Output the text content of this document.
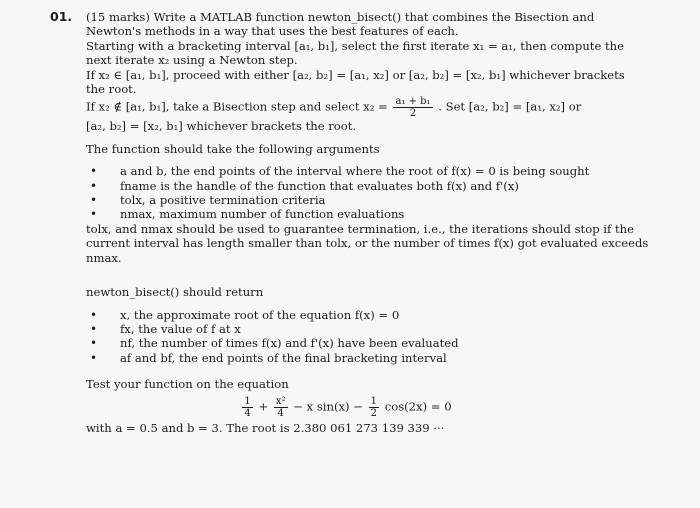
01. (15 marks) Write a MATLAB function newton_bisect() that combines the Bisection and
Newton's methods in a way that uses the best features of each.
Starting with a bracketing interval [a₁, b₁], select the first iterate x₁ = a₁, then compute the
next iterate x₂ using a Newton step.
If x₂ ∈ [a₁, b₁], proceed with either [a₂, b₂] = [a₁, x₂] or [a₂, b₂] = [x₂, b₁] whichever brackets
the root.
If x₂ ∉ [a₁, b₁], take a Bisection step and select $x_2 = \frac{\text{a₁ + b₁}}{2}$ . Set [a₂, b₂] = [a₁, x₂] or
[a₂, b₂] = [x₂, b₁] whichever brackets the root.
The function should take the following arguments
• a and b, the end points of the interval where the root of f(x) = 0 is being sought
• fname is the handle of the function that evaluates both f(x) and f'(x)
• tolx, a positive termination criteria
• nmax, maximum number of function evaluations
tolx, and nmax should be used to guarantee termination, i.e., the iterations should stop if the
current interval has length smaller than tolx, or the number of times f(x) got evaluated exceeds
nmax.
newton_bisect() should return
• x, the approximate root of the equation f(x) = 0
• fx, the value of f at x
• nf, the number of times f(x) and f'(x) have been evaluated
• af and bf, the end points of the final bracketing interval
Test your function on the equation
$\frac{1}{4} + \frac{\text{x²}}{4} - x$ $\sin(x) - \frac{1}{2} \cos(2x) = 0$
with a = 0.5 and b = 3. The root is 2.380 061 273 139 339 ···
